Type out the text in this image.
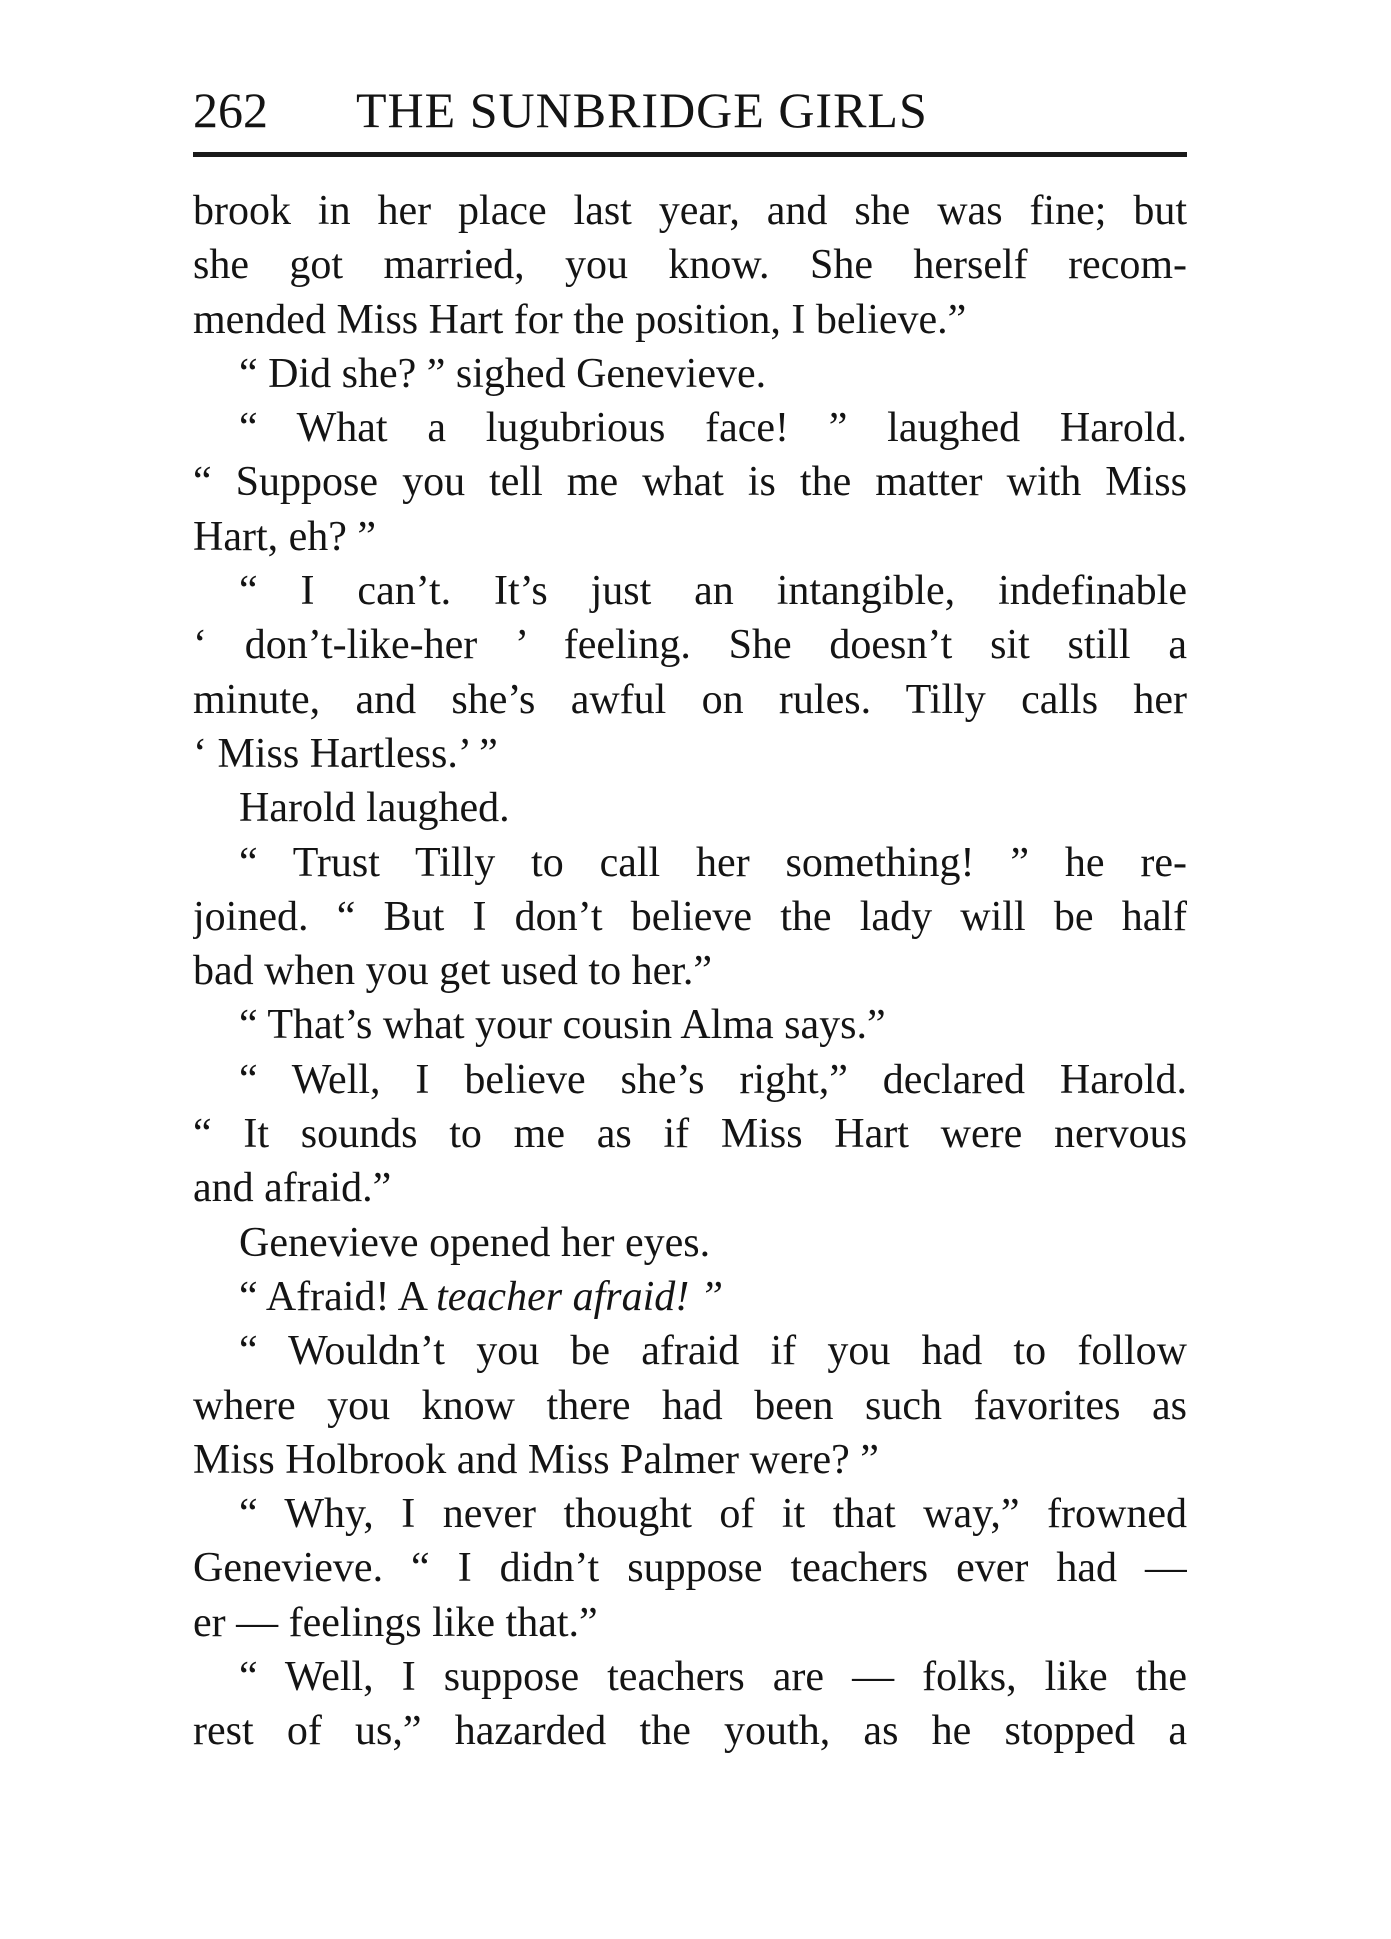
262 THE SUNBRIDGE GIRLS
brook in her place last year, and she was fine; but
she got married, you know. She herself recom-
mended Miss Hart for the position, I believe.”
“ Did she? ” sighed Genevieve.
“ What a lugubrious face! ” laughed Harold.
“ Suppose you tell me what is the matter with Miss
Hart, eh? ”
“ I can’t. It’s just an intangible, indefinable
‘ don’t-like-her ’ feeling. She doesn’t sit still a
minute, and she’s awful on rules. Tilly calls her
‘ Miss Hartless.’ ”
Harold laughed.
“ Trust Tilly to call her something! ” he re-
joined. “ But I don’t believe the lady will be half
bad when you get used to her.”
“ That’s what your cousin Alma says.”
“ Well, I believe she’s right,” declared Harold.
“ It sounds to me as if Miss Hart were nervous
and afraid.”
Genevieve opened her eyes.
“ Afraid! A teacher afraid! ”
“ Wouldn’t you be afraid if you had to follow
where you know there had been such favorites as
Miss Holbrook and Miss Palmer were? ”
“ Why, I never thought of it that way,” frowned
Genevieve. “ I didn’t suppose teachers ever had —
er — feelings like that.”
“ Well, I suppose teachers are — folks, like the
rest of us,” hazarded the youth, as he stopped a
